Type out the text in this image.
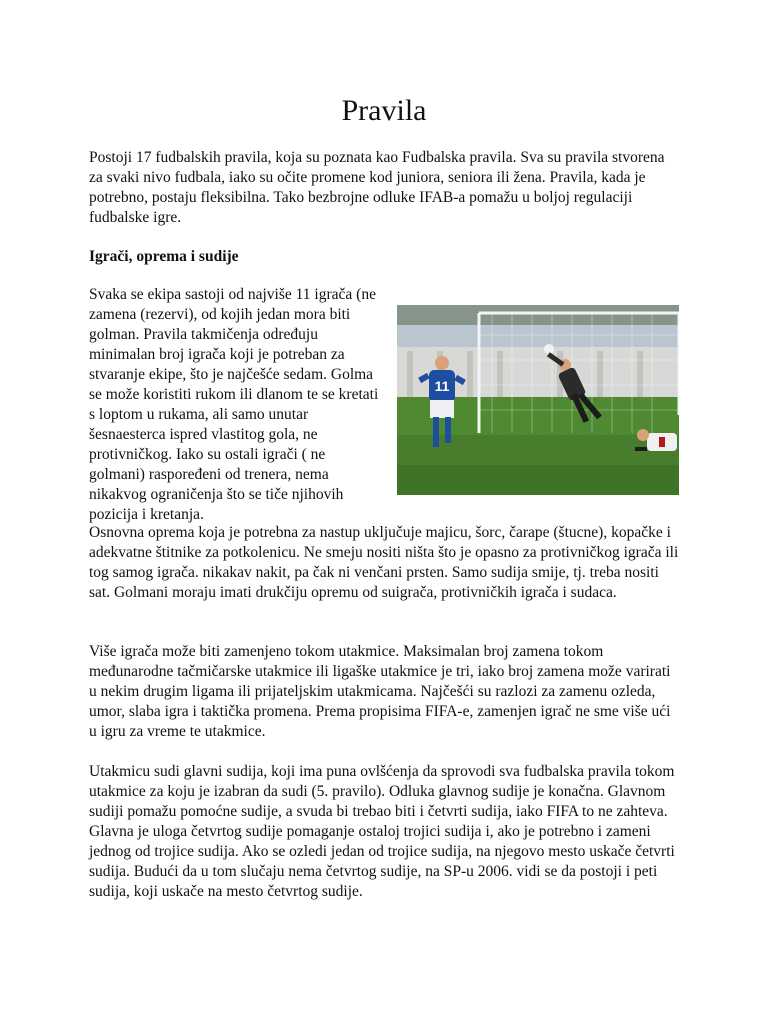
Pravila

Postoji 17 fudbalskih pravila, koja su poznata kao Fudbalska pravila. Sva su pravila stvorena za svaki nivo fudbala, iako su očite promene kod juniora, seniora ili žena. Pravila, kada je potrebno, postaju fleksibilna. Tako bezbrojne odluke IFAB-a pomažu u boljoj regulaciji fudbalske igre.

Igrači, oprema i sudije
11

Svaka se ekipa sastoji od najviše 11 igrača (ne zamena (rezervi), od kojih jedan mora biti golman. Pravila takmičenja određuju minimalan broj igrača koji je potreban za stvaranje ekipe, što je najčešće sedam. Golma se može koristiti rukom ili dlanom te se kretati s loptom u rukama, ali samo unutar šesnaesterca ispred vlastitog gola, ne protivničkog. Iako su ostali igrači ( ne golmani) raspoređeni od trenera, nema nikakvog ograničenja što se tiče njihovih pozicija i kretanja.

Osnovna oprema koja je potrebna za nastup uključuje majicu, šorc, čarape (štucne), kopačke i adekvatne štitnike za potkolenicu. Ne smeju nositi ništa što je opasno za protivničkog igrača ili tog samog igrača. nikakav nakit, pa čak ni venčani prsten. Samo sudija smije, tj. treba nositi sat. Golmani moraju imati drukčiju opremu od suigrača, protivničkih igrača i sudaca.

Više igrača može biti zamenjeno tokom utakmice. Maksimalan broj zamena tokom međunarodne tačmičarske utakmice ili ligaške utakmice je tri, iako broj zamena može varirati u nekim drugim ligama ili prijateljskim utakmicama. Najčešći su razlozi za zamenu ozleda, umor, slaba igra i taktička promena. Prema propisima FIFA-e, zamenjen igrač ne sme više ući u igru za vreme te utakmice.

Utakmicu sudi glavni sudija, koji ima puna ovlšćenja da sprovodi sva fudbalska pravila tokom utakmice za koju je izabran da sudi (5. pravilo). Odluka glavnog sudije je konačna. Glavnom sudiji pomažu pomoćne sudije, a svuda bi trebao biti i četvrti sudija, iako FIFA to ne zahteva. Glavna je uloga četvrtog sudije pomaganje ostaloj trojici sudija i, ako je potrebno i zameni jednog od trojice sudija. Ako se ozledi jedan od trojice sudija, na njegovo mesto uskače četvrti sudija. Budući da u tom slučaju nema četvrtog sudije, na SP-u 2006. vidi se da postoji i peti sudija, koji uskače na mesto četvrtog sudije.
